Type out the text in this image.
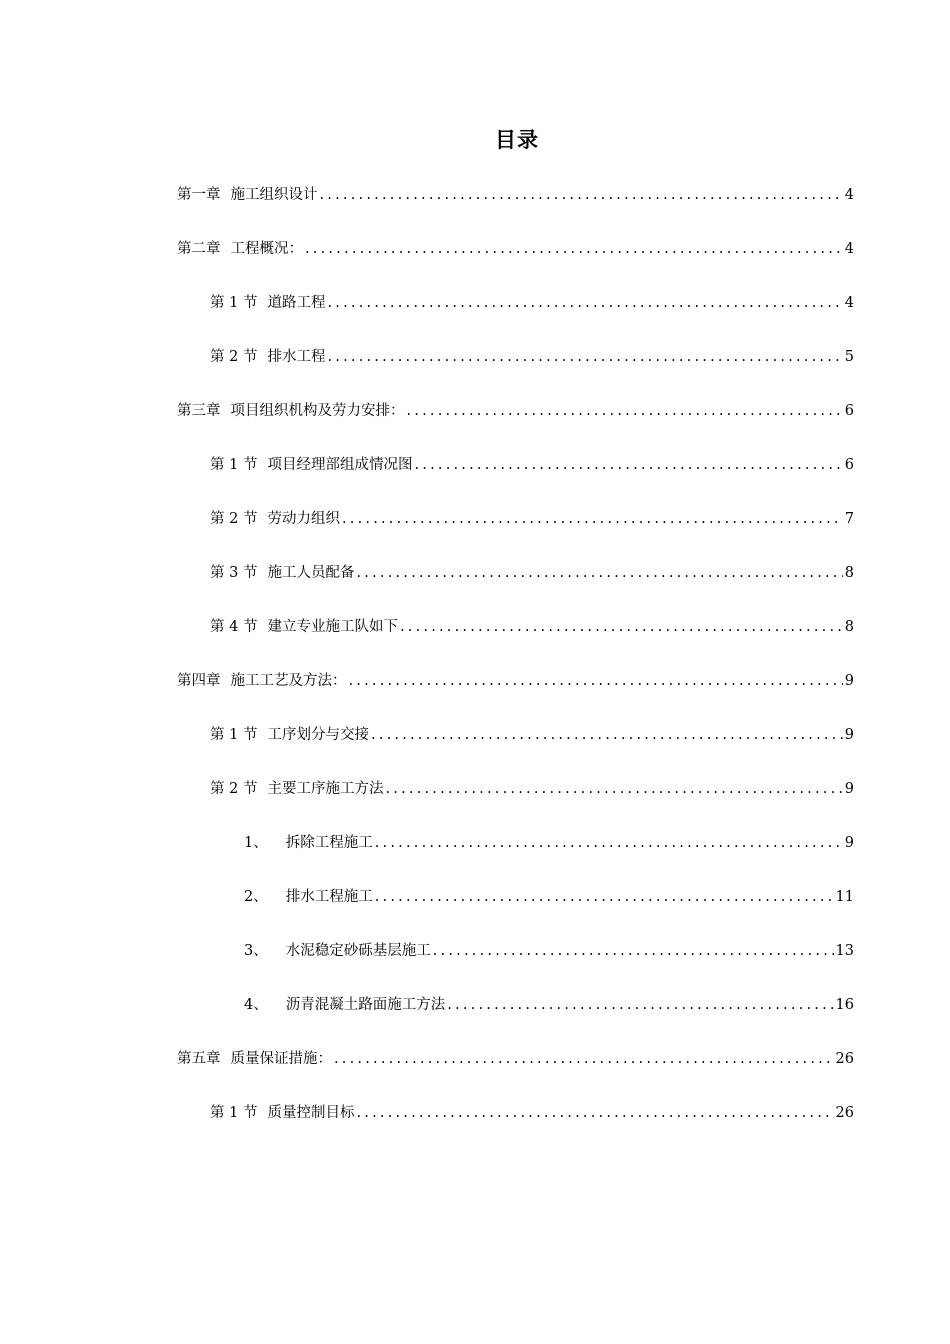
目录
第一章 施工组织设计 .....	4
第二章 工程概况： .....	4
第 1 节 道路工程 .....	4
第 2 节 排水工程 .....	5
第三章 项目组织机构及劳力安排： .....	6
第 1 节 项目经理部组成情况图 .....	6
第 2 节 劳动力组织 .....	7
第 3 节 施工人员配备 .....	8
第 4 节 建立专业施工队如下 .....	8
第四章 施工工艺及方法： .....	9
第 1 节 工序划分与交接 .....	9
第 2 节 主要工序施工方法 .....	9
1、 拆除工程施工 .....	9
2、 排水工程施工 .....	11
3、 水泥稳定砂砾基层施工 .....	13
4、 沥青混凝土路面施工方法 .....	16
第五章 质量保证措施： .....	26
第 1 节 质量控制目标 .....	26
